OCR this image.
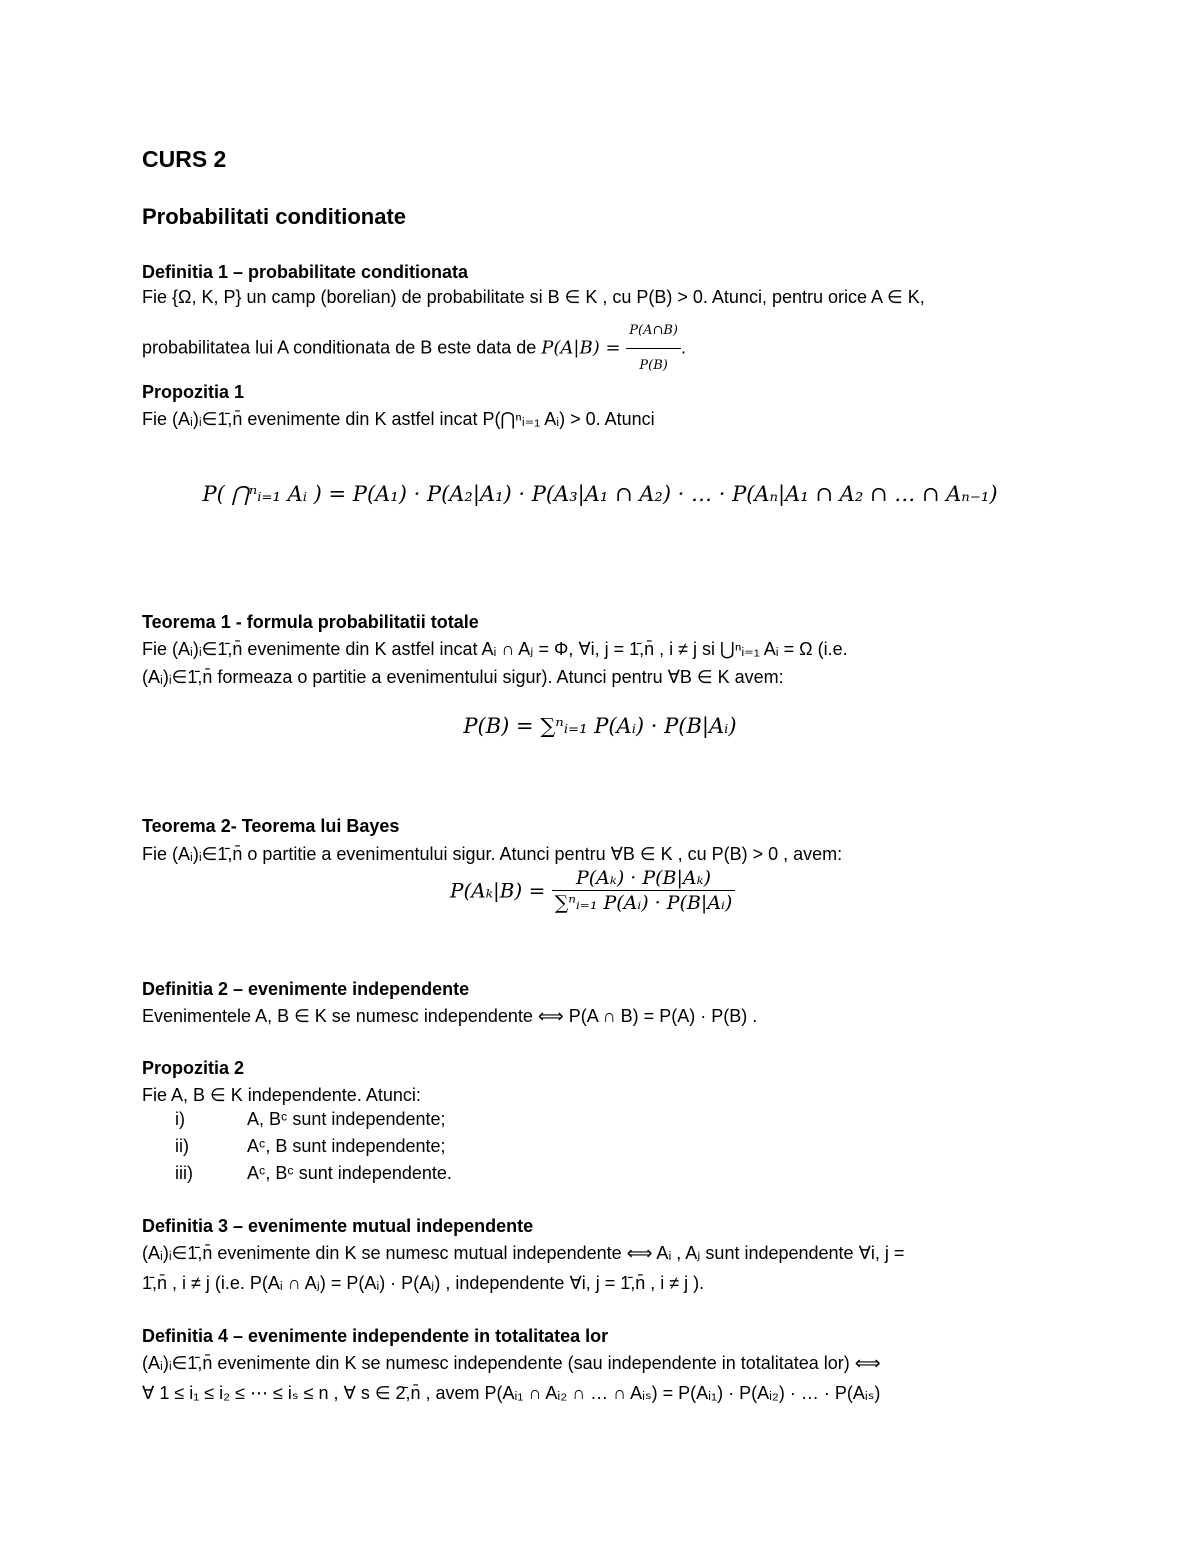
CURS 2
Probabilitati conditionate
Definitia 1 – probabilitate conditionata
Fie {Ω, K, P} un camp (borelian) de probabilitate si B ∈ K , cu P(B) > 0. Atunci, pentru orice A ∈ K,
probabilitatea lui A conditionata de B este data de $P(A|B) = \frac{P(A\cap B)}{P(B)}$ .
Propozitia 1
Fie (Aᵢ)ᵢ∈1̄,n̄ evenimente din K astfel incat P(⋂ⁿᵢ₌₁ Aᵢ) > 0. Atunci
P( ⋂ⁿᵢ₌₁ Aᵢ ) = P(A₁) · P(A₂|A₁) · P(A₃|A₁ ∩ A₂) · … · P(Aₙ|A₁ ∩ A₂ ∩ … ∩ Aₙ₋₁)
Teorema 1 - formula probabilitatii totale
Fie (Aᵢ)ᵢ∈1̄,n̄ evenimente din K astfel incat Aᵢ ∩ Aⱼ = Φ, ∀i, j = 1̄,n̄ , i ≠ j si ⋃ⁿᵢ₌₁ Aᵢ = Ω (i.e.
(Aᵢ)ᵢ∈1̄,n̄ formeaza o partitie a evenimentului sigur). Atunci pentru ∀B ∈ K avem:
P(B) = ∑ⁿᵢ₌₁ P(Aᵢ) · P(B|Aᵢ)
Teorema 2- Teorema lui Bayes
Fie (Aᵢ)ᵢ∈1̄,n̄ o partitie a evenimentului sigur. Atunci pentru ∀B ∈ K , cu P(B) > 0 , avem:
$P(A_k|B) = \frac{\text{P(Aₖ) · P(B|Aₖ)}}{\text{∑ⁿᵢ₌₁ P(Aᵢ) · P(B|Aᵢ)}}$
Definitia 2 – evenimente independente
Evenimentele A, B ∈ K se numesc independente ⟺ P(A ∩ B) = P(A) · P(B) .
Propozitia 2
Fie A, B ∈ K independente. Atunci:
i)	A, Bᶜ sunt independente;
ii)	Aᶜ, B sunt independente;
iii)	Aᶜ, Bᶜ sunt independente.
Definitia 3 – evenimente mutual independente
(Aᵢ)ᵢ∈1̄,n̄ evenimente din K se numesc mutual independente ⟺ Aᵢ , Aⱼ sunt independente ∀i, j =
1̄,n̄ , i ≠ j (i.e. P(Aᵢ ∩ Aⱼ) = P(Aᵢ) · P(Aⱼ) , independente ∀i, j = 1̄,n̄ , i ≠ j ).
Definitia 4 – evenimente independente in totalitatea lor
(Aᵢ)ᵢ∈1̄,n̄ evenimente din K se numesc independente (sau independente in totalitatea lor) ⟺
∀ 1 ≤ i₁ ≤ i₂ ≤ ⋯ ≤ iₛ ≤ n , ∀ s ∈ 2̄,n̄ , avem P(Aᵢ₁ ∩ Aᵢ₂ ∩ … ∩ Aᵢₛ) = P(Aᵢ₁) · P(Aᵢ₂) · … · P(Aᵢₛ)
